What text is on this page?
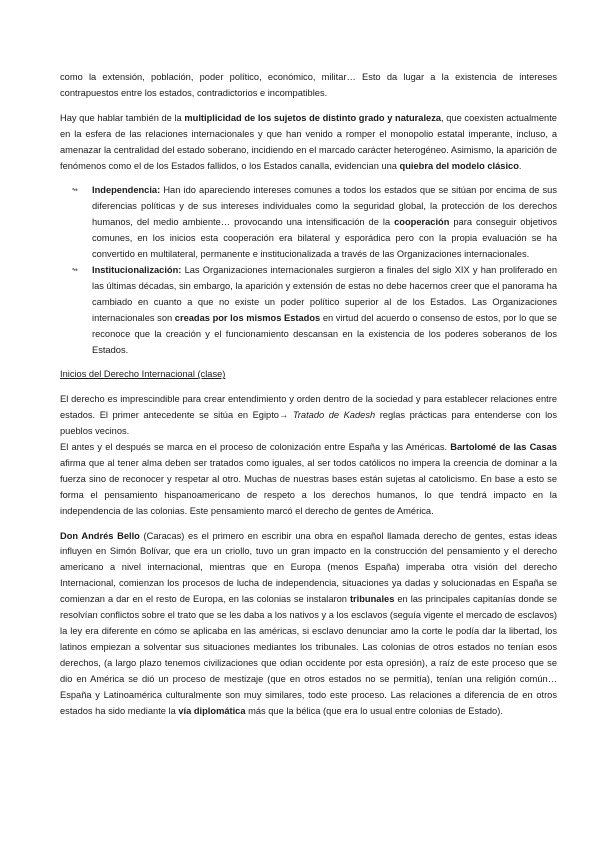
como la extensión, población, poder político, económico, militar… Esto da lugar a la existencia de intereses contrapuestos entre los estados, contradictorios e incompatibles.

Hay que hablar también de la multiplicidad de los sujetos de distinto grado y naturaleza, que coexisten actualmente en la esfera de las relaciones internacionales y que han venido a romper el monopolio estatal imperante, incluso, a amenazar la centralidad del estado soberano, incidiendo en el marcado carácter heterogéneo. Asimismo, la aparición de fenómenos como el de los Estados fallidos, o los Estados canalla, evidencian una quiebra del modelo clásico.

↬ Independencia: Han ido apareciendo intereses comunes a todos los estados que se sitúan por encima de sus diferencias políticas y de sus intereses individuales como la seguridad global, la protección de los derechos humanos, del medio ambiente… provocando una intensificación de la cooperación para conseguir objetivos comunes, en los inicios esta cooperación era bilateral y esporádica pero con la propia evaluación se ha convertido en multilateral, permanente e institucionalizada a través de las Organizaciones internacionales.
↬ Institucionalización: Las Organizaciones internacionales surgieron a finales del siglo XIX y han proliferado en las últimas décadas, sin embargo, la aparición y extensión de estas no debe hacernos creer que el panorama ha cambiado en cuanto a que no existe un poder político superior al de los Estados. Las Organizaciones internacionales son creadas por los mismos Estados en virtud del acuerdo o consenso de estos, por lo que se reconoce que la creación y el funcionamiento descansan en la existencia de los poderes soberanos de los Estados.

Inicios del Derecho Internacional (clase)

El derecho es imprescindible para crear entendimiento y orden dentro de la sociedad y para establecer relaciones entre estados. El primer antecedente se sitúa en Egipto→ Tratado de Kadesh reglas prácticas para entenderse con los pueblos vecinos.

El antes y el después se marca en el proceso de colonización entre España y las Américas. Bartolomé de las Casas afirma que al tener alma deben ser tratados como iguales, al ser todos católicos no impera la creencia de dominar a la fuerza sino de reconocer y respetar al otro. Muchas de nuestras bases están sujetas al catolicismo. En base a esto se forma el pensamiento hispanoamericano de respeto a los derechos humanos, lo que tendrá impacto en la independencia de las colonias. Este pensamiento marcó el derecho de gentes de América.

Don Andrés Bello (Caracas) es el primero en escribir una obra en español llamada derecho de gentes, estas ideas influyen en Simón Bolívar, que era un criollo, tuvo un gran impacto en la construcción del pensamiento y el derecho americano a nivel internacional, mientras que en Europa (menos España) imperaba otra visión del derecho Internacional, comienzan los procesos de lucha de independencia, situaciones ya dadas y solucionadas en España se comienzan a dar en el resto de Europa, en las colonias se instalaron tribunales en las principales capitanías donde se resolvían conflictos sobre el trato que se les daba a los nativos y a los esclavos (seguía vigente el mercado de esclavos) la ley era diferente en cómo se aplicaba en las américas, si esclavo denunciar amo la corte le podía dar la libertad, los latinos empiezan a solventar sus situaciones mediantes los tribunales. Las colonias de otros estados no tenían esos derechos, (a largo plazo tenemos civilizaciones que odian occidente por esta opresión), a raíz de este proceso que se dio en América se dió un proceso de mestizaje (que en otros estados no se permitía), tenían una religión común… España y Latinoamérica culturalmente son muy similares, todo este proceso. Las relaciones a diferencia de en otros estados ha sido mediante la vía diplomática más que la bélica (que era lo usual entre colonias de Estado).
